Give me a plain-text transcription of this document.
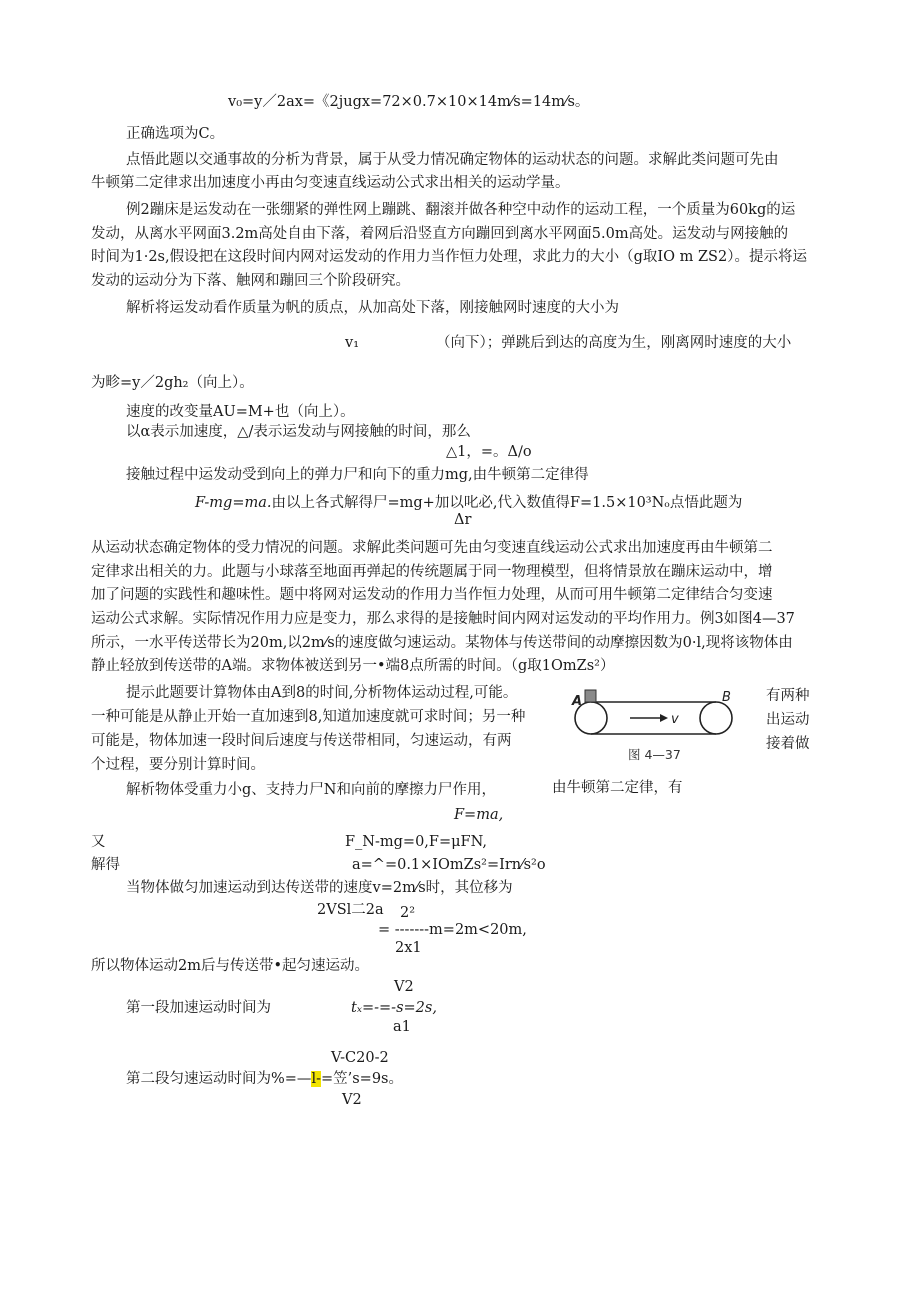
v₀=y／2ax=《2jugx=72×0.7×10×14m⁄s=14m⁄s。
正确选项为C。
点悟此题以交通事故的分析为背景，属于从受力情况确定物体的运动状态的问题。求解此类问题可先由
牛顿第二定律求出加速度小再由匀变速直线运动公式求出相关的运动学量。
例2蹦床是运发动在一张绷紧的弹性网上蹦跳、翻滚并做各种空中动作的运动工程，一个质量为60kg的运
发动，从离水平网面3.2m高处自由下落，着网后沿竖直方向蹦回到离水平网面5.0m高处。运发动与网接触的
时间为1·2s,假设把在这段时间内网对运发动的作用力当作恒力处理，求此力的大小（g取IO m ZS2）。提示将运
发动的运动分为下落、触网和蹦回三个阶段研究。
解析将运发动看作质量为帆的质点，从加高处下落，刚接触网时速度的大小为
v₁	（向下）；弹跳后到达的高度为生，刚离网时速度的大小
为畛=y／2gh₂（向上）。
速度的改变量AU=M+也（向上）。
以α表示加速度，△/表示运发动与网接触的时间，那么
△1，=。Δ∕o
接触过程中运发动受到向上的弹力尸和向下的重力mg,由牛顿第二定律得
F-mg=ma.由以上各式解得尸=mg+加以叱必,代入数值得F=1.5×10³Nₒ点悟此题为
Δr
从运动状态确定物体的受力情况的问题。求解此类问题可先由匀变速直线运动公式求出加速度再由牛顿第二
定律求出相关的力。此题与小球落至地面再弹起的传统题属于同一物理模型，但将情景放在蹦床运动中，增
加了问题的实践性和趣味性。题中将网对运发动的作用力当作恒力处理，从而可用牛顿第二定律结合匀变速
运动公式求解。实际情况作用力应是变力，那么求得的是接触时间内网对运发动的平均作用力。例3如图4—37
所示，一水平传送带长为20m,以2m⁄s的速度做匀速运动。某物体与传送带间的动摩擦因数为0·l,现将该物体由
静止轻放到传送带的A端。求物体被送到另一•端8点所需的时间。（g取1OmZs²）
提示此题要计算物体由A到8的时间,分析物体运动过程,可能。	有两种
一种可能是从静止开始一直加速到8,知道加速度就可求时间；另一种	出运动
可能是，物体加速一段时间后速度与传送带相同，匀速运动，有两	接着做
个过程，要分别计算时间。
A	B
v
图 4—37
解析物体受重力小g、支持力尸N和向前的摩擦力尸作用，	由牛顿第二定律，有
F=ma,
又	F_N-mg=0,F=μFN,
解得	a=^=0.1×IOmZs²=Irn⁄s²o
当物体做匀加速运动到达传送带的速度v=2m⁄s时，其位移为
2VSl二2a 2²
= -------m=2m<20m,
2x1
所以物体运动2m后与传送带•起匀速运动。
V2
第一段加速运动时间为	tₓ=-=-s=2s,
a1
V-C20-2
第二段匀速运动时间为%=—l-=笠’s=9s。
V2
